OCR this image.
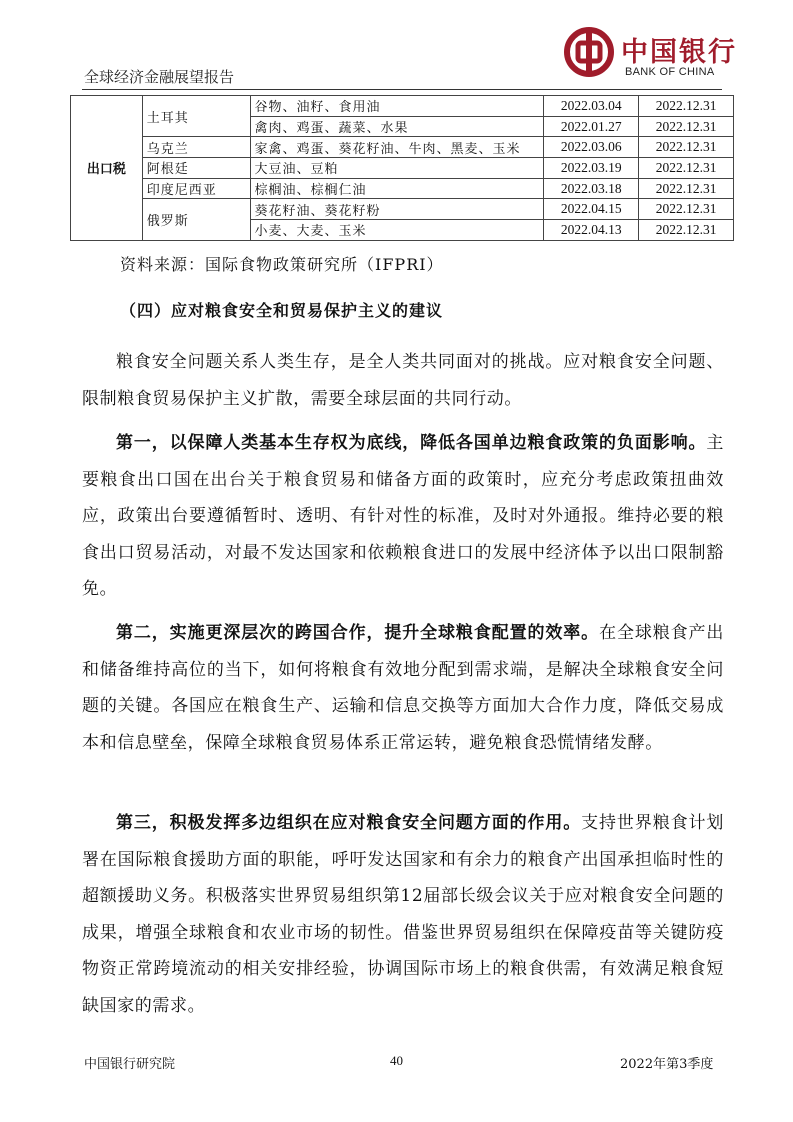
全球经济金融展望报告
中国银行
BANK OF CHINA
出口税	土耳其	谷物、油籽、食用油	2022.03.04	2022.12.31
		禽肉、鸡蛋、蔬菜、水果	2022.01.27	2022.12.31
	乌克兰	家禽、鸡蛋、葵花籽油、牛肉、黑麦、玉米	2022.03.06	2022.12.31
	阿根廷	大豆油、豆粕	2022.03.19	2022.12.31
	印度尼西亚	棕榈油、棕榈仁油	2022.03.18	2022.12.31
	俄罗斯	葵花籽油、葵花籽粉	2022.04.15	2022.12.31
		小麦、大麦、玉米	2022.04.13	2022.12.31
资料来源：国际食物政策研究所（IFPRI）
（四）应对粮食安全和贸易保护主义的建议

粮食安全问题关系人类生存，是全人类共同面对的挑战。应对粮食安全问题、限制粮食贸易保护主义扩散，需要全球层面的共同行动。

第一，以保障人类基本生存权为底线，降低各国单边粮食政策的负面影响。主要粮食出口国在出台关于粮食贸易和储备方面的政策时，应充分考虑政策扭曲效应，政策出台要遵循暂时、透明、有针对性的标准，及时对外通报。维持必要的粮食出口贸易活动，对最不发达国家和依赖粮食进口的发展中经济体予以出口限制豁免。

第二，实施更深层次的跨国合作，提升全球粮食配置的效率。在全球粮食产出和储备维持高位的当下，如何将粮食有效地分配到需求端，是解决全球粮食安全问题的关键。各国应在粮食生产、运输和信息交换等方面加大合作力度，降低交易成本和信息壁垒，保障全球粮食贸易体系正常运转，避免粮食恐慌情绪发酵。

第三，积极发挥多边组织在应对粮食安全问题方面的作用。支持世界粮食计划署在国际粮食援助方面的职能，呼吁发达国家和有余力的粮食产出国承担临时性的超额援助义务。积极落实世界贸易组织第12届部长级会议关于应对粮食安全问题的成果，增强全球粮食和农业市场的韧性。借鉴世界贸易组织在保障疫苗等关键防疫物资正常跨境流动的相关安排经验，协调国际市场上的粮食供需，有效满足粮食短缺国家的需求。

中国银行研究院	40	2022年第3季度
